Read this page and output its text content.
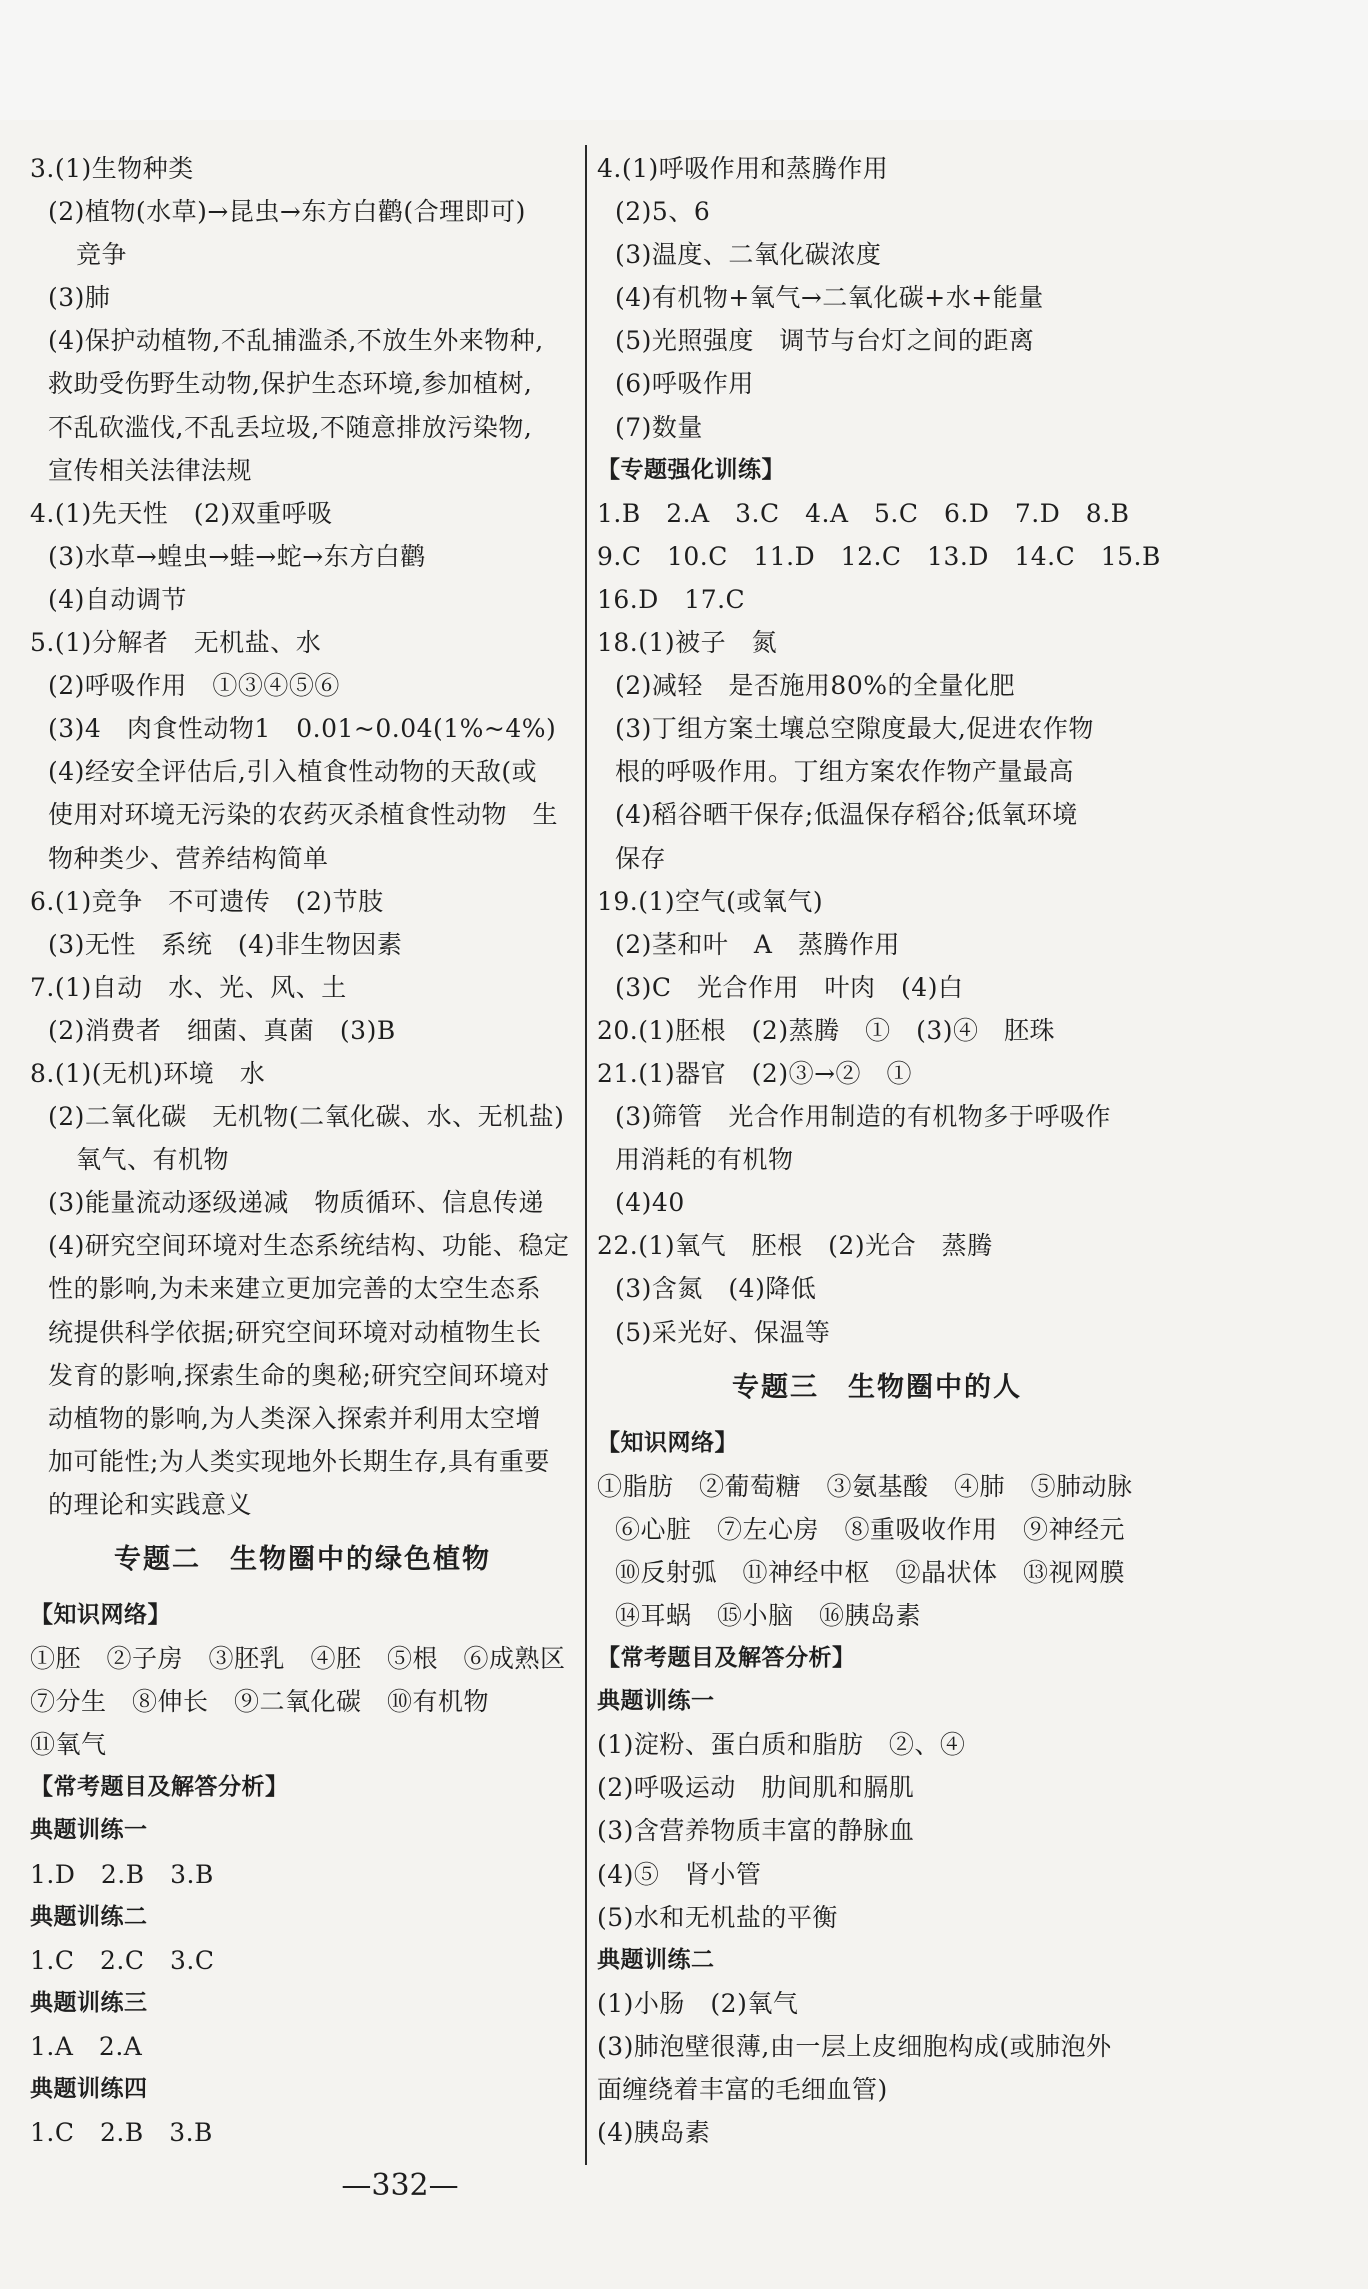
3.(1)生物种类
(2)植物(水草)→昆虫→东方白鹳(合理即可)
竞争
(3)肺
(4)保护动植物,不乱捕滥杀,不放生外来物种,
救助受伤野生动物,保护生态环境,参加植树,
不乱砍滥伐,不乱丢垃圾,不随意排放污染物,
宣传相关法律法规
4.(1)先天性　(2)双重呼吸
(3)水草→蝗虫→蛙→蛇→东方白鹳
(4)自动调节
5.(1)分解者　无机盐、水
(2)呼吸作用　①③④⑤⑥
(3)4　肉食性动物1　0.01~0.04(1%~4%)
(4)经安全评估后,引入植食性动物的天敌(或
使用对环境无污染的农药灭杀植食性动物　生
物种类少、营养结构简单
6.(1)竞争　不可遗传　(2)节肢
(3)无性　系统　(4)非生物因素
7.(1)自动　水、光、风、土
(2)消费者　细菌、真菌　(3)B
8.(1)(无机)环境　水
(2)二氧化碳　无机物(二氧化碳、水、无机盐)
氧气、有机物
(3)能量流动逐级递减　物质循环、信息传递
(4)研究空间环境对生态系统结构、功能、稳定
性的影响,为未来建立更加完善的太空生态系
统提供科学依据;研究空间环境对动植物生长
发育的影响,探索生命的奥秘;研究空间环境对
动植物的影响,为人类深入探索并利用太空增
加可能性;为人类实现地外长期生存,具有重要
的理论和实践意义
专题二　生物圈中的绿色植物
【知识网络】
①胚　②子房　③胚乳　④胚　⑤根　⑥成熟区
⑦分生　⑧伸长　⑨二氧化碳　⑩有机物
⑪氧气
【常考题目及解答分析】
典题训练一
1.D　2.B　3.B
典题训练二
1.C　2.C　3.C
典题训练三
1.A　2.A
典题训练四
1.C　2.B　3.B
4.(1)呼吸作用和蒸腾作用
(2)5、6
(3)温度、二氧化碳浓度
(4)有机物+氧气→二氧化碳+水+能量
(5)光照强度　调节与台灯之间的距离
(6)呼吸作用
(7)数量
【专题强化训练】
1.B　2.A　3.C　4.A　5.C　6.D　7.D　8.B
9.C　10.C　11.D　12.C　13.D　14.C　15.B
16.D　17.C
18.(1)被子　氮
(2)减轻　是否施用80%的全量化肥
(3)丁组方案土壤总空隙度最大,促进农作物
根的呼吸作用。丁组方案农作物产量最高
(4)稻谷晒干保存;低温保存稻谷;低氧环境
保存
19.(1)空气(或氧气)
(2)茎和叶　A　蒸腾作用
(3)C　光合作用　叶肉　(4)白
20.(1)胚根　(2)蒸腾　①　(3)④　胚珠
21.(1)器官　(2)③→②　①
(3)筛管　光合作用制造的有机物多于呼吸作
用消耗的有机物
(4)40
22.(1)氧气　胚根　(2)光合　蒸腾
(3)含氮　(4)降低
(5)采光好、保温等
专题三　生物圈中的人
【知识网络】
①脂肪　②葡萄糖　③氨基酸　④肺　⑤肺动脉
⑥心脏　⑦左心房　⑧重吸收作用　⑨神经元
⑩反射弧　⑪神经中枢　⑫晶状体　⑬视网膜
⑭耳蜗　⑮小脑　⑯胰岛素
【常考题目及解答分析】
典题训练一
(1)淀粉、蛋白质和脂肪　②、④
(2)呼吸运动　肋间肌和膈肌
(3)含营养物质丰富的静脉血
(4)⑤　肾小管
(5)水和无机盐的平衡
典题训练二
(1)小肠　(2)氧气
(3)肺泡壁很薄,由一层上皮细胞构成(或肺泡外
面缠绕着丰富的毛细血管)
(4)胰岛素
—332—
